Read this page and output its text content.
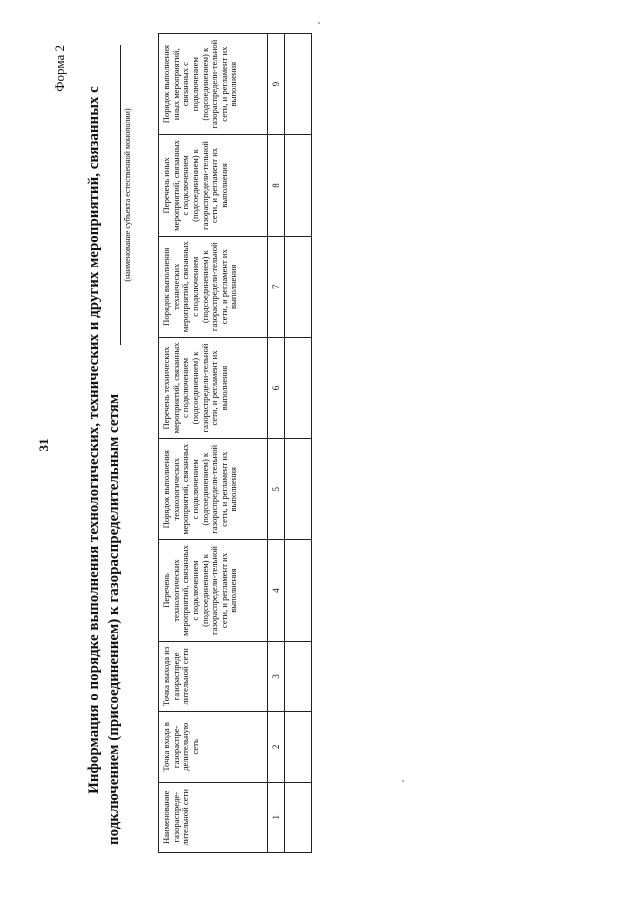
31
Форма 2
Информация о порядке выполнения технологических, технических и других мероприятий, связанных с подключением (присоединением) к газораспределительным сетям
(наименование субъекта естественной монополии)
Наименование газораспреде-лительной сети	Точка входа в газораспре-делительную сеть	Точка выхода из газораспреде лительной сети	Перечень технологических мероприятий, связанных с подключением (подсоединением) к газораспредели-тельной сети, и регламент их выполнения	Порядок выполнения технологических мероприятий, связанных с подключением (подсоединением) к газораспредели-тельной сети, и регламент их выполнения	Перечень технических мероприятий, связанных с подключением (подсоединением) к газораспредели-тельной сети, и регламент их выполнения	Порядок выполнения технических мероприятий, связанных с подключением (подсоединением) к газораспредели-тельной сети, и регламент их выполнения	Перечень иных мероприятий, связанных с подключением (подсоединением) к газораспредели-тельной сети, и регламент их выполнения	Порядок выполнения иных мероприятий, связанных с подключением (подсоединением) к газораспредели-тельной сети, и регламент их выполнения
1	2	3	4	5	6	7	8	9
